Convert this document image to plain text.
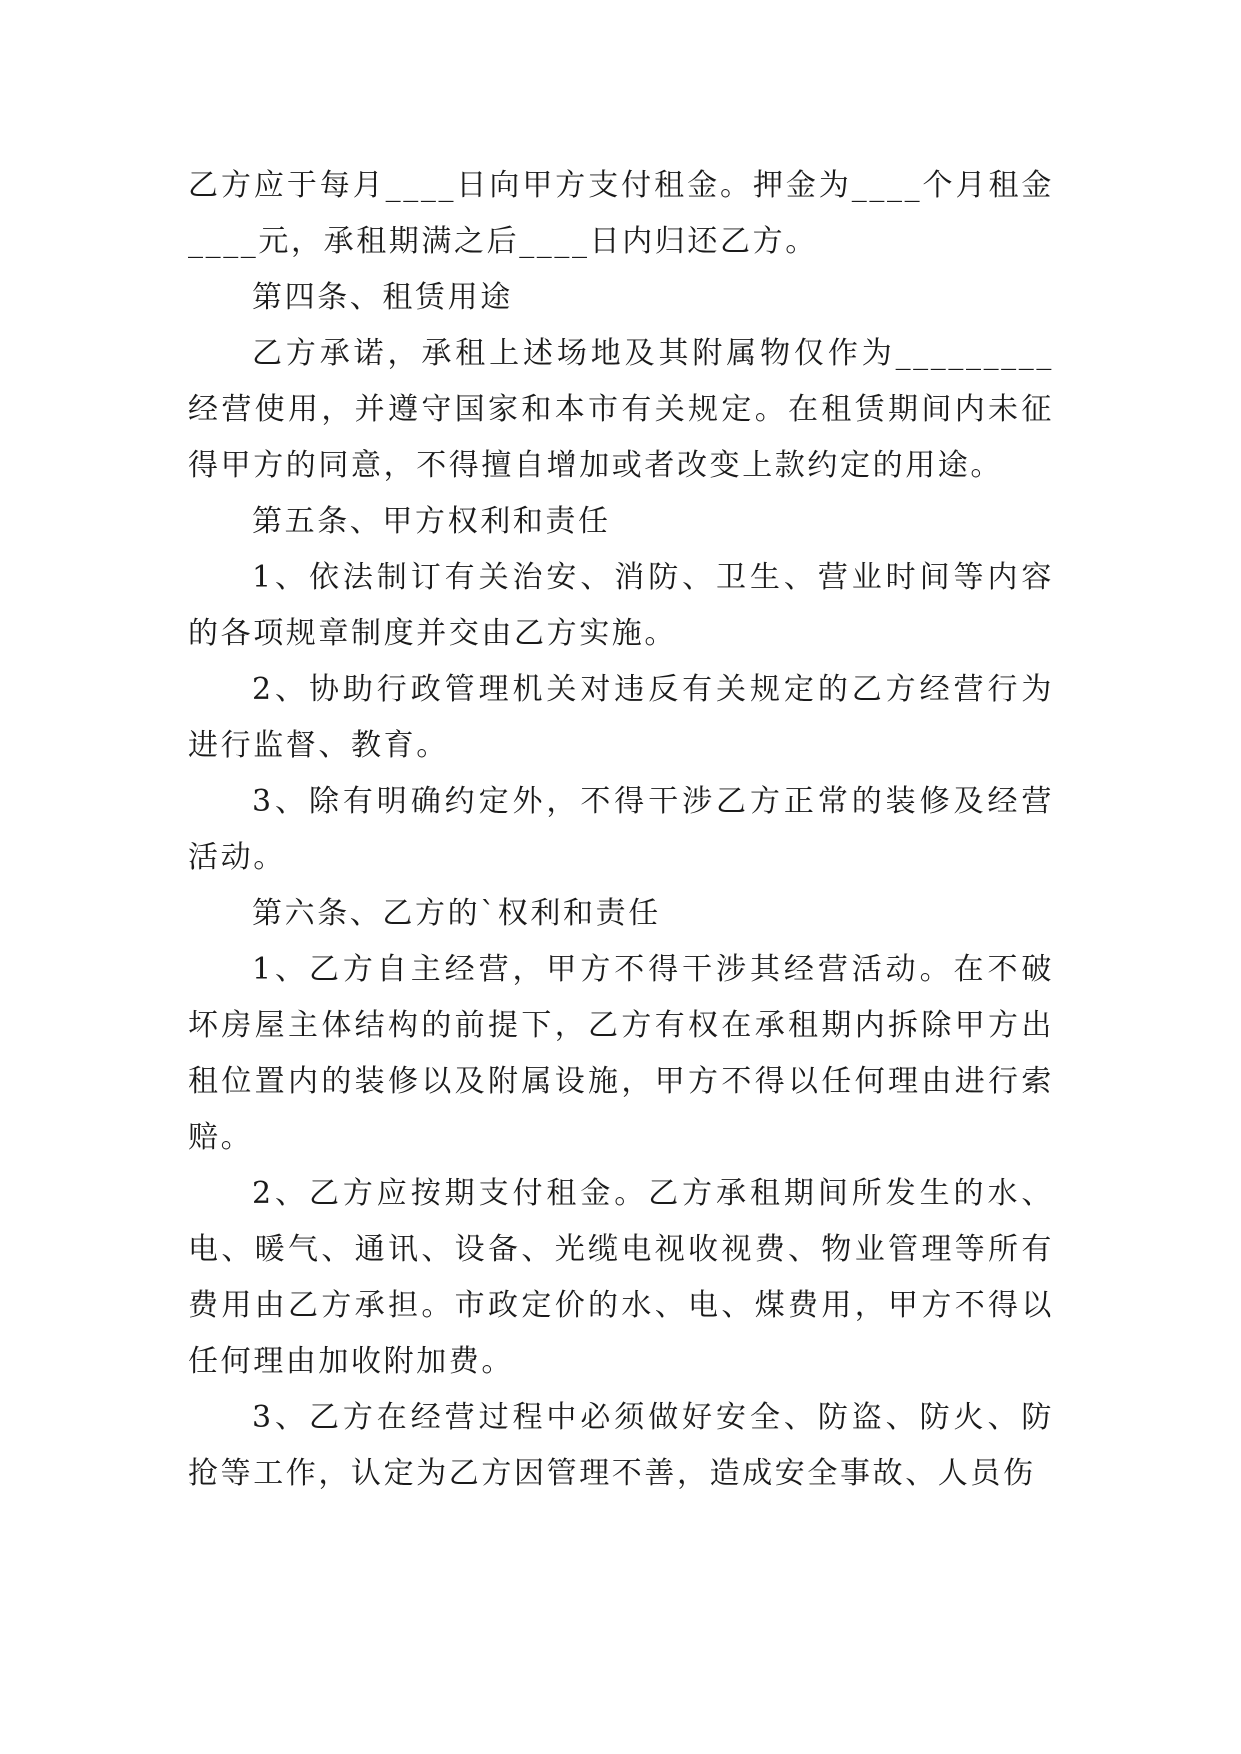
乙方应于每月____日向甲方支付租金。押金为____个月租金____元，承租期满之后____日内归还乙方。

第四条、租赁用途

乙方承诺，承租上述场地及其附属物仅作为_________经营使用，并遵守国家和本市有关规定。在租赁期间内未征得甲方的同意，不得擅自增加或者改变上款约定的用途。

第五条、甲方权利和责任

1、依法制订有关治安、消防、卫生、营业时间等内容的各项规章制度并交由乙方实施。

2、协助行政管理机关对违反有关规定的乙方经营行为进行监督、教育。

3、除有明确约定外，不得干涉乙方正常的装修及经营活动。

第六条、乙方的`权利和责任

1、乙方自主经营，甲方不得干涉其经营活动。在不破坏房屋主体结构的前提下，乙方有权在承租期内拆除甲方出租位置内的装修以及附属设施，甲方不得以任何理由进行索赔。

2、乙方应按期支付租金。乙方承租期间所发生的水、电、暖气、通讯、设备、光缆电视收视费、物业管理等所有费用由乙方承担。市政定价的水、电、煤费用，甲方不得以任何理由加收附加费。

3、乙方在经营过程中必须做好安全、防盗、防火、防抢等工作，认定为乙方因管理不善，造成安全事故、人员伤
